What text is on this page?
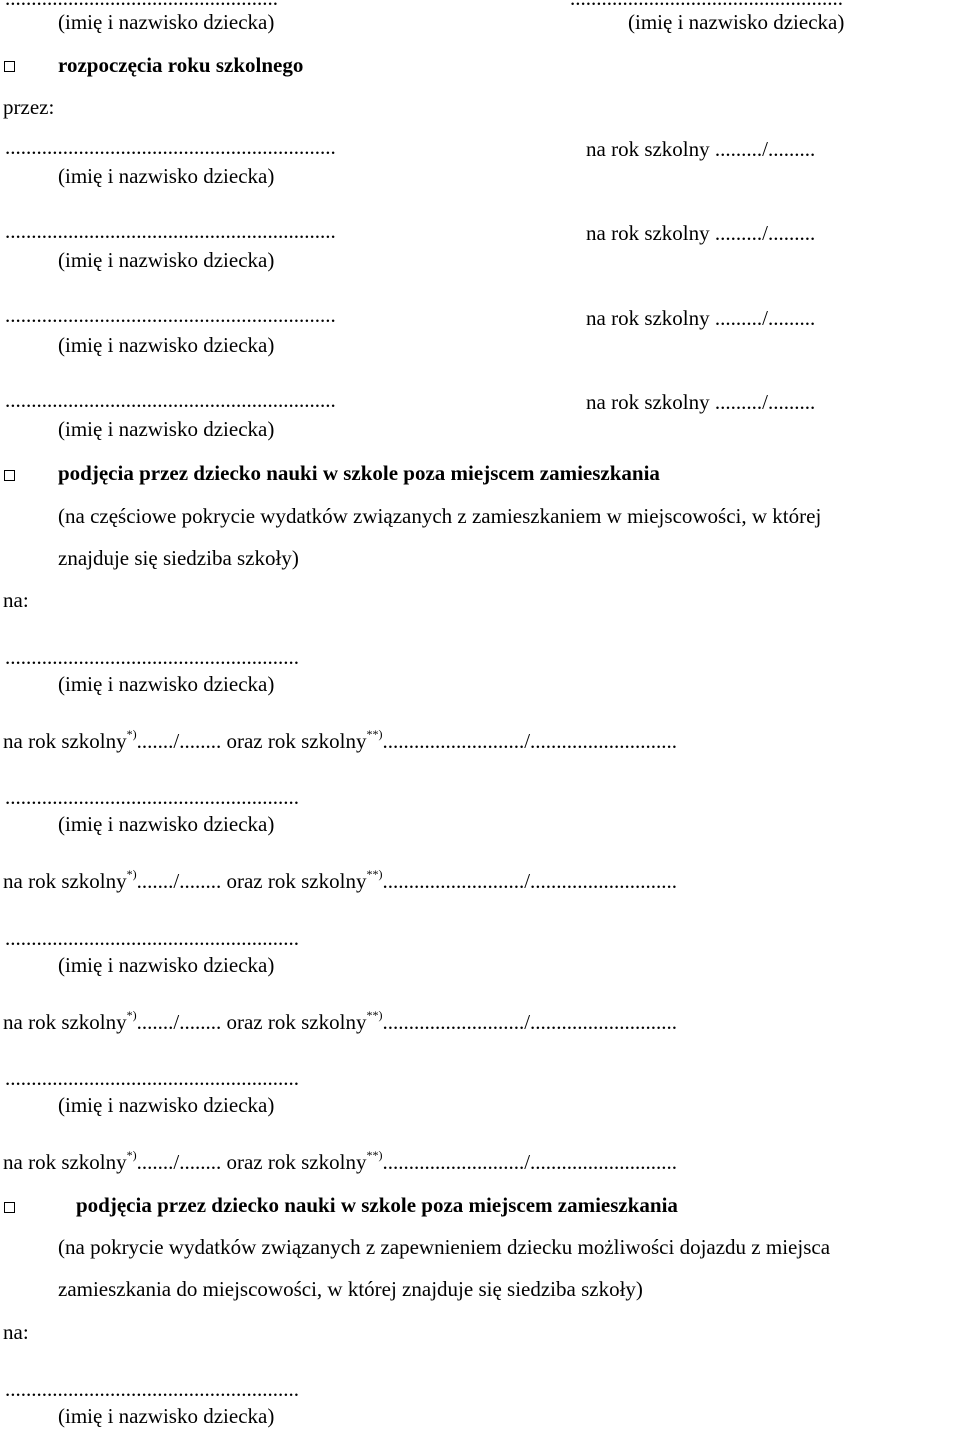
(imię i nazwisko dziecka)	(imię i nazwisko dziecka)
rozpoczęcia roku szkolnego
przez:
...............................................................
(imię i nazwisko dziecka)
na rok szkolny ........./.........
...............................................................
(imię i nazwisko dziecka)
na rok szkolny ........./.........
...............................................................
(imię i nazwisko dziecka)
na rok szkolny ........./.........
...............................................................
(imię i nazwisko dziecka)
na rok szkolny ........./.........
podjęcia przez dziecko nauki w szkole poza miejscem zamieszkania
(na częściowe pokrycie wydatków związanych z zamieszkaniem w miejscowości, w której
znajduje się siedziba szkoły)
na:
........................................................
(imię i nazwisko dziecka)
na rok szkolny*)......./........ oraz rok szkolny**).........................../............................
........................................................
(imię i nazwisko dziecka)
na rok szkolny*)......./........ oraz rok szkolny**).........................../............................
........................................................
(imię i nazwisko dziecka)
na rok szkolny*)......./........ oraz rok szkolny**).........................../............................
........................................................
(imię i nazwisko dziecka)
na rok szkolny*)......./........ oraz rok szkolny**).........................../............................
podjęcia przez dziecko nauki w szkole poza miejscem zamieszkania
(na pokrycie wydatków związanych z zapewnieniem dziecku możliwości dojazdu z miejsca
zamieszkania do miejscowości, w której znajduje się siedziba szkoły)
na:
........................................................
(imię i nazwisko dziecka)
